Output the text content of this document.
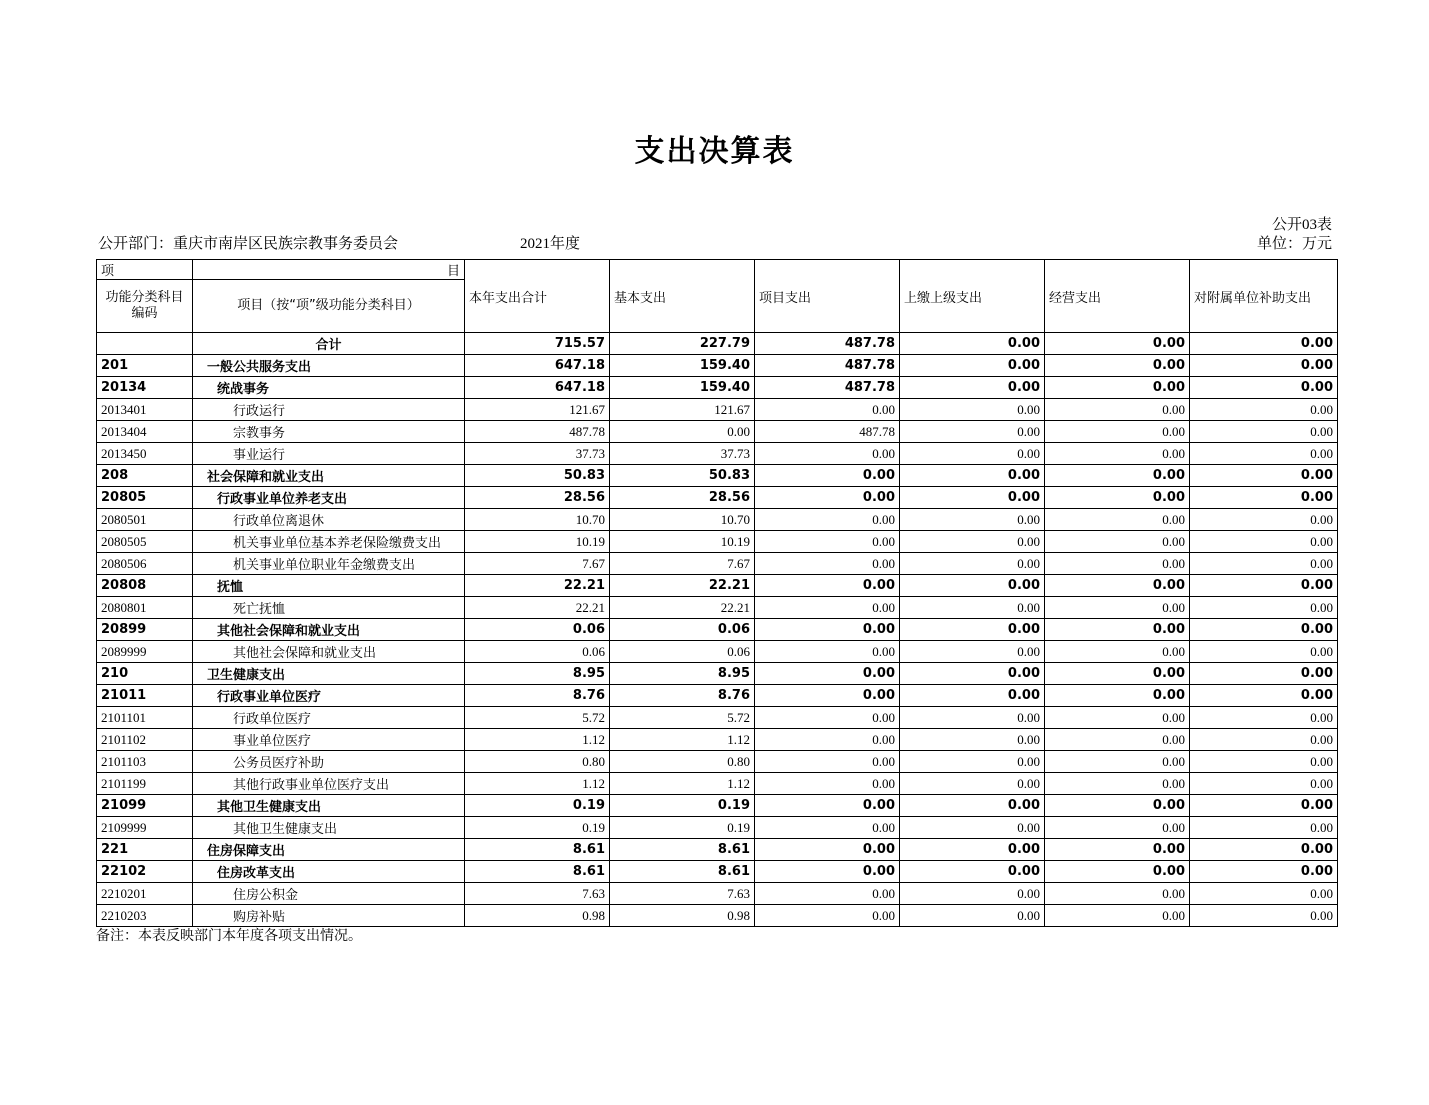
支出决算表
公开部门：重庆市南岸区民族宗教事务委员会	2021年度
公开03表
单位：万元
项	目	本年支出合计	基本支出	项目支出	上缴上级支出	经营支出	对附属单位补助支出
功能分类科目编码	项目（按“项”级功能分类科目）						
	合计	715.57	227.79	487.78	0.00	0.00	0.00
201	一般公共服务支出	647.18	159.40	487.78	0.00	0.00	0.00
20134	统战事务	647.18	159.40	487.78	0.00	0.00	0.00
2013401	行政运行	121.67	121.67	0.00	0.00	0.00	0.00
2013404	宗教事务	487.78	0.00	487.78	0.00	0.00	0.00
2013450	事业运行	37.73	37.73	0.00	0.00	0.00	0.00
208	社会保障和就业支出	50.83	50.83	0.00	0.00	0.00	0.00
20805	行政事业单位养老支出	28.56	28.56	0.00	0.00	0.00	0.00
2080501	行政单位离退休	10.70	10.70	0.00	0.00	0.00	0.00
2080505	机关事业单位基本养老保险缴费支出	10.19	10.19	0.00	0.00	0.00	0.00
2080506	机关事业单位职业年金缴费支出	7.67	7.67	0.00	0.00	0.00	0.00
20808	抚恤	22.21	22.21	0.00	0.00	0.00	0.00
2080801	死亡抚恤	22.21	22.21	0.00	0.00	0.00	0.00
20899	其他社会保障和就业支出	0.06	0.06	0.00	0.00	0.00	0.00
2089999	其他社会保障和就业支出	0.06	0.06	0.00	0.00	0.00	0.00
210	卫生健康支出	8.95	8.95	0.00	0.00	0.00	0.00
21011	行政事业单位医疗	8.76	8.76	0.00	0.00	0.00	0.00
2101101	行政单位医疗	5.72	5.72	0.00	0.00	0.00	0.00
2101102	事业单位医疗	1.12	1.12	0.00	0.00	0.00	0.00
2101103	公务员医疗补助	0.80	0.80	0.00	0.00	0.00	0.00
2101199	其他行政事业单位医疗支出	1.12	1.12	0.00	0.00	0.00	0.00
21099	其他卫生健康支出	0.19	0.19	0.00	0.00	0.00	0.00
2109999	其他卫生健康支出	0.19	0.19	0.00	0.00	0.00	0.00
221	住房保障支出	8.61	8.61	0.00	0.00	0.00	0.00
22102	住房改革支出	8.61	8.61	0.00	0.00	0.00	0.00
2210201	住房公积金	7.63	7.63	0.00	0.00	0.00	0.00
2210203	购房补贴	0.98	0.98	0.00	0.00	0.00	0.00
备注：本表反映部门本年度各项支出情况。
